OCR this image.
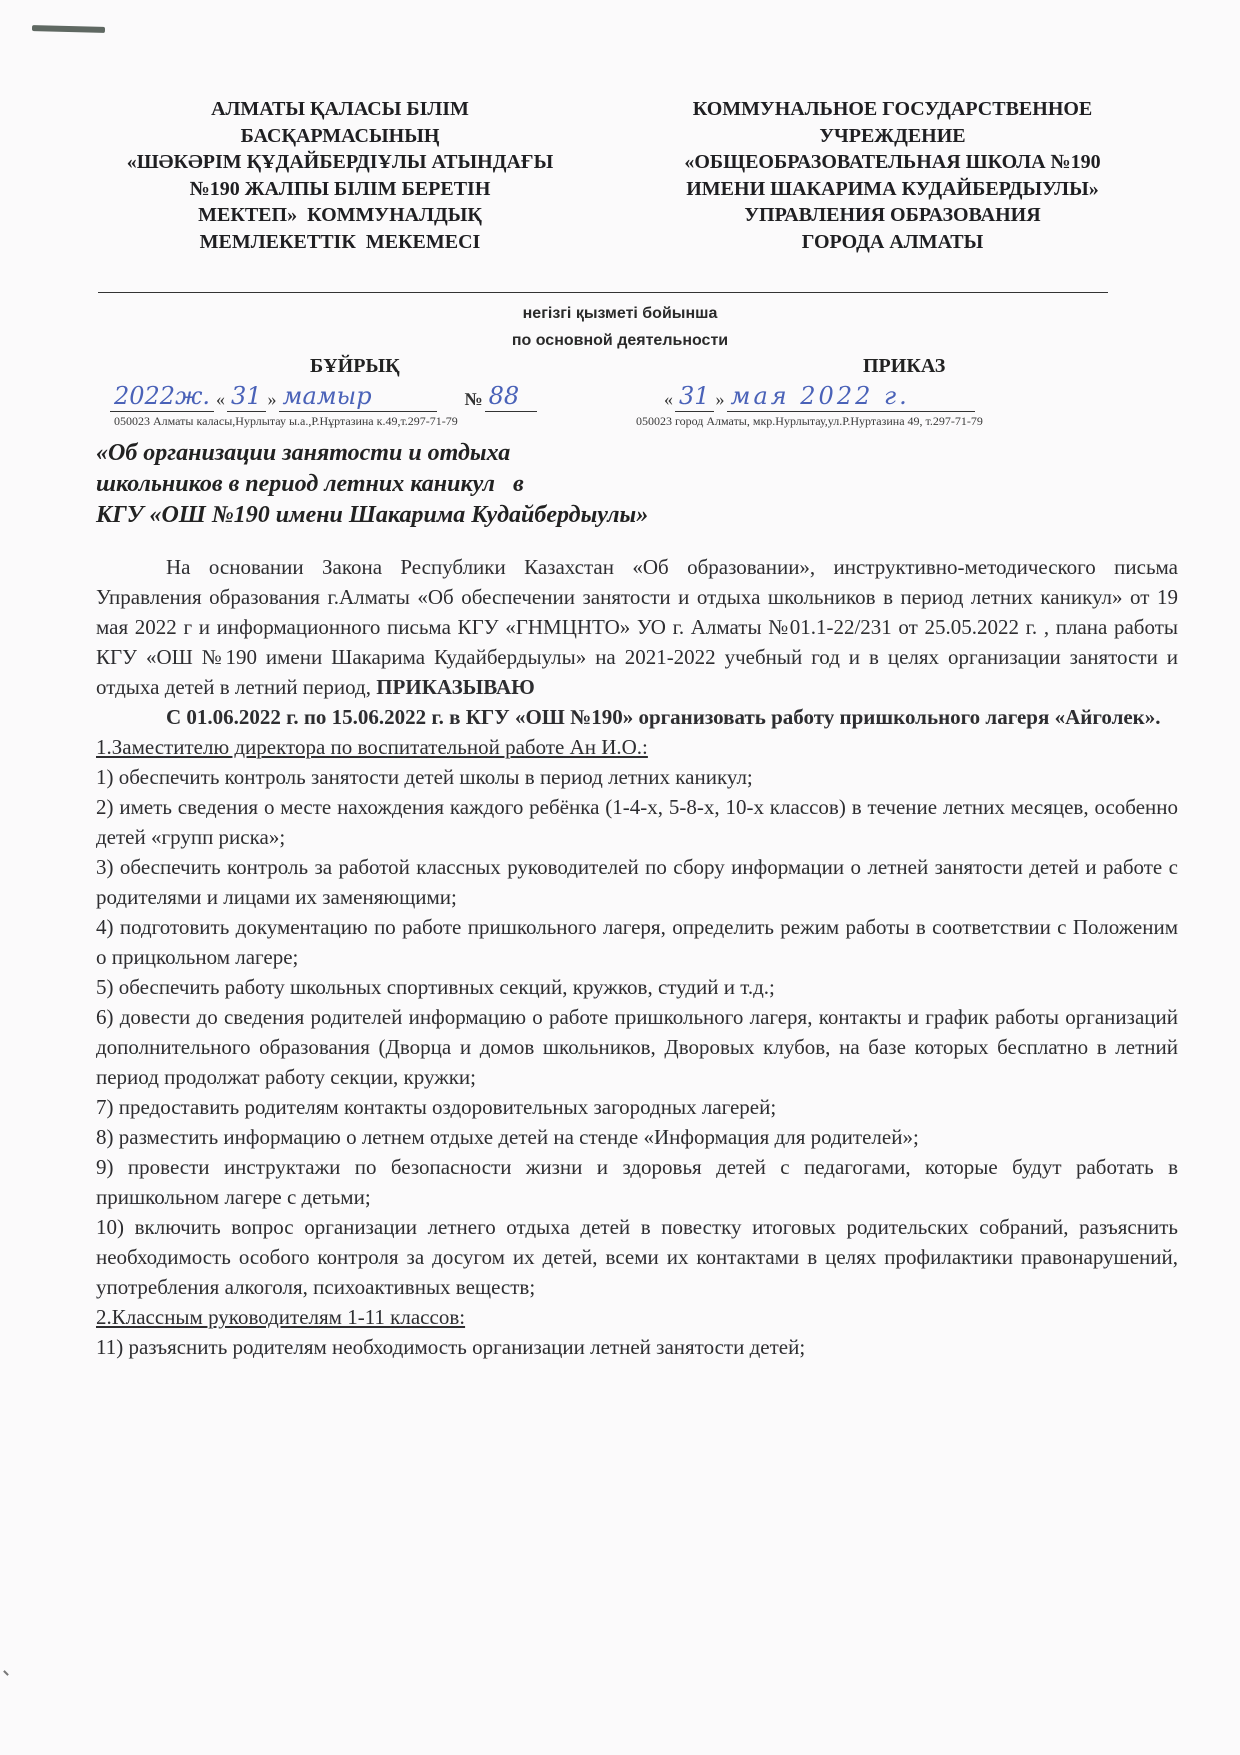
АЛМАТЫ ҚАЛАСЫ БІЛІМ
БАСҚАРМАСЫНЫҢ
«ШӘКӘРІМ ҚҰДАЙБЕРДІҰЛЫ АТЫНДАҒЫ
№190 ЖАЛПЫ БІЛІМ БЕРЕТІН
МЕКТЕП»  КОММУНАЛДЫҚ
МЕМЛЕКЕТТІК  МЕКЕМЕСІ
КОММУНАЛЬНОЕ ГОСУДАРСТВЕННОЕ
УЧРЕЖДЕНИЕ
«ОБЩЕОБРАЗОВАТЕЛЬНАЯ ШКОЛА №190
ИМЕНИ ШАКАРИМА КУДАЙБЕРДЫУЛЫ»
УПРАВЛЕНИЯ ОБРАЗОВАНИЯ
ГОРОДА АЛМАТЫ
негізгі қызметі бойынша
по основной деятельности
БҰЙРЫҚ	ПРИКАЗ
2022ж. « 31 » мамыр	№ 88	« 31 » мая 2022 г.
050023 Алматы каласы,Нурлытау ы.а.,Р.Нұртазина к.49,т.297-71-79	050023 город Алматы, мкр.Нурлытау,ул.Р.Нуртазина 49, т.297-71-79
«Об организации занятости и отдыха
школьников в период летних каникул   в
КГУ «ОШ №190 имени Шакарима Кудайбердыулы»

На основании Закона Республики Казахстан «Об образовании», инструктивно-методического письма Управления образования г.Алматы «Об обеспечении занятости и отдыха школьников в период летних каникул» от 19 мая 2022 г и информационного письма КГУ «ГНМЦНТО» УО г. Алматы №01.1-22/231 от 25.05.2022 г. , плана работы КГУ «ОШ №190 имени Шакарима Кудайбердыулы» на 2021-2022 учебный год и в целях организации занятости и отдыха детей в летний период, ПРИКАЗЫВАЮ

С 01.06.2022 г. по 15.06.2022 г. в КГУ «ОШ №190» организовать работу пришкольного лагеря «Айголек».

1.Заместителю директора по воспитательной работе Ан И.О.:

1) обеспечить контроль занятости детей школы в период летних каникул;

2) иметь сведения о месте нахождения каждого ребёнка (1-4-х, 5-8-х, 10-х классов) в течение летних месяцев, особенно детей «групп риска»;

3) обеспечить контроль за работой классных руководителей по сбору информации о летней занятости детей и работе с родителями и лицами их заменяющими;

4) подготовить документацию по работе пришкольного лагеря, определить режим работы в соответствии с Положеним о прицкольном лагере;

5) обеспечить работу школьных спортивных секций, кружков, студий и т.д.;

6) довести до сведения родителей информацию о работе пришкольного лагеря, контакты и график работы организаций дополнительного образования (Дворца и домов школьников, Дворовых клубов, на базе которых бесплатно в летний период продолжат работу секции, кружки;

7) предоставить родителям контакты оздоровительных загородных лагерей;

8) разместить информацию о летнем отдыхе детей на стенде «Информация для родителей»;

9) провести инструктажи по безопасности жизни и здоровья детей с педагогами, которые будут работать в пришкольном лагере с детьми;

10) включить вопрос организации летнего отдыха детей в повестку итоговых родительских собраний, разъяснить необходимость особого контроля за досугом их детей, всеми их контактами в целях профилактики правонарушений, употребления алкоголя, психоактивных веществ;

2.Классным руководителям 1-11 классов:

11) разъяснить родителям необходимость организации летней занятости детей;
